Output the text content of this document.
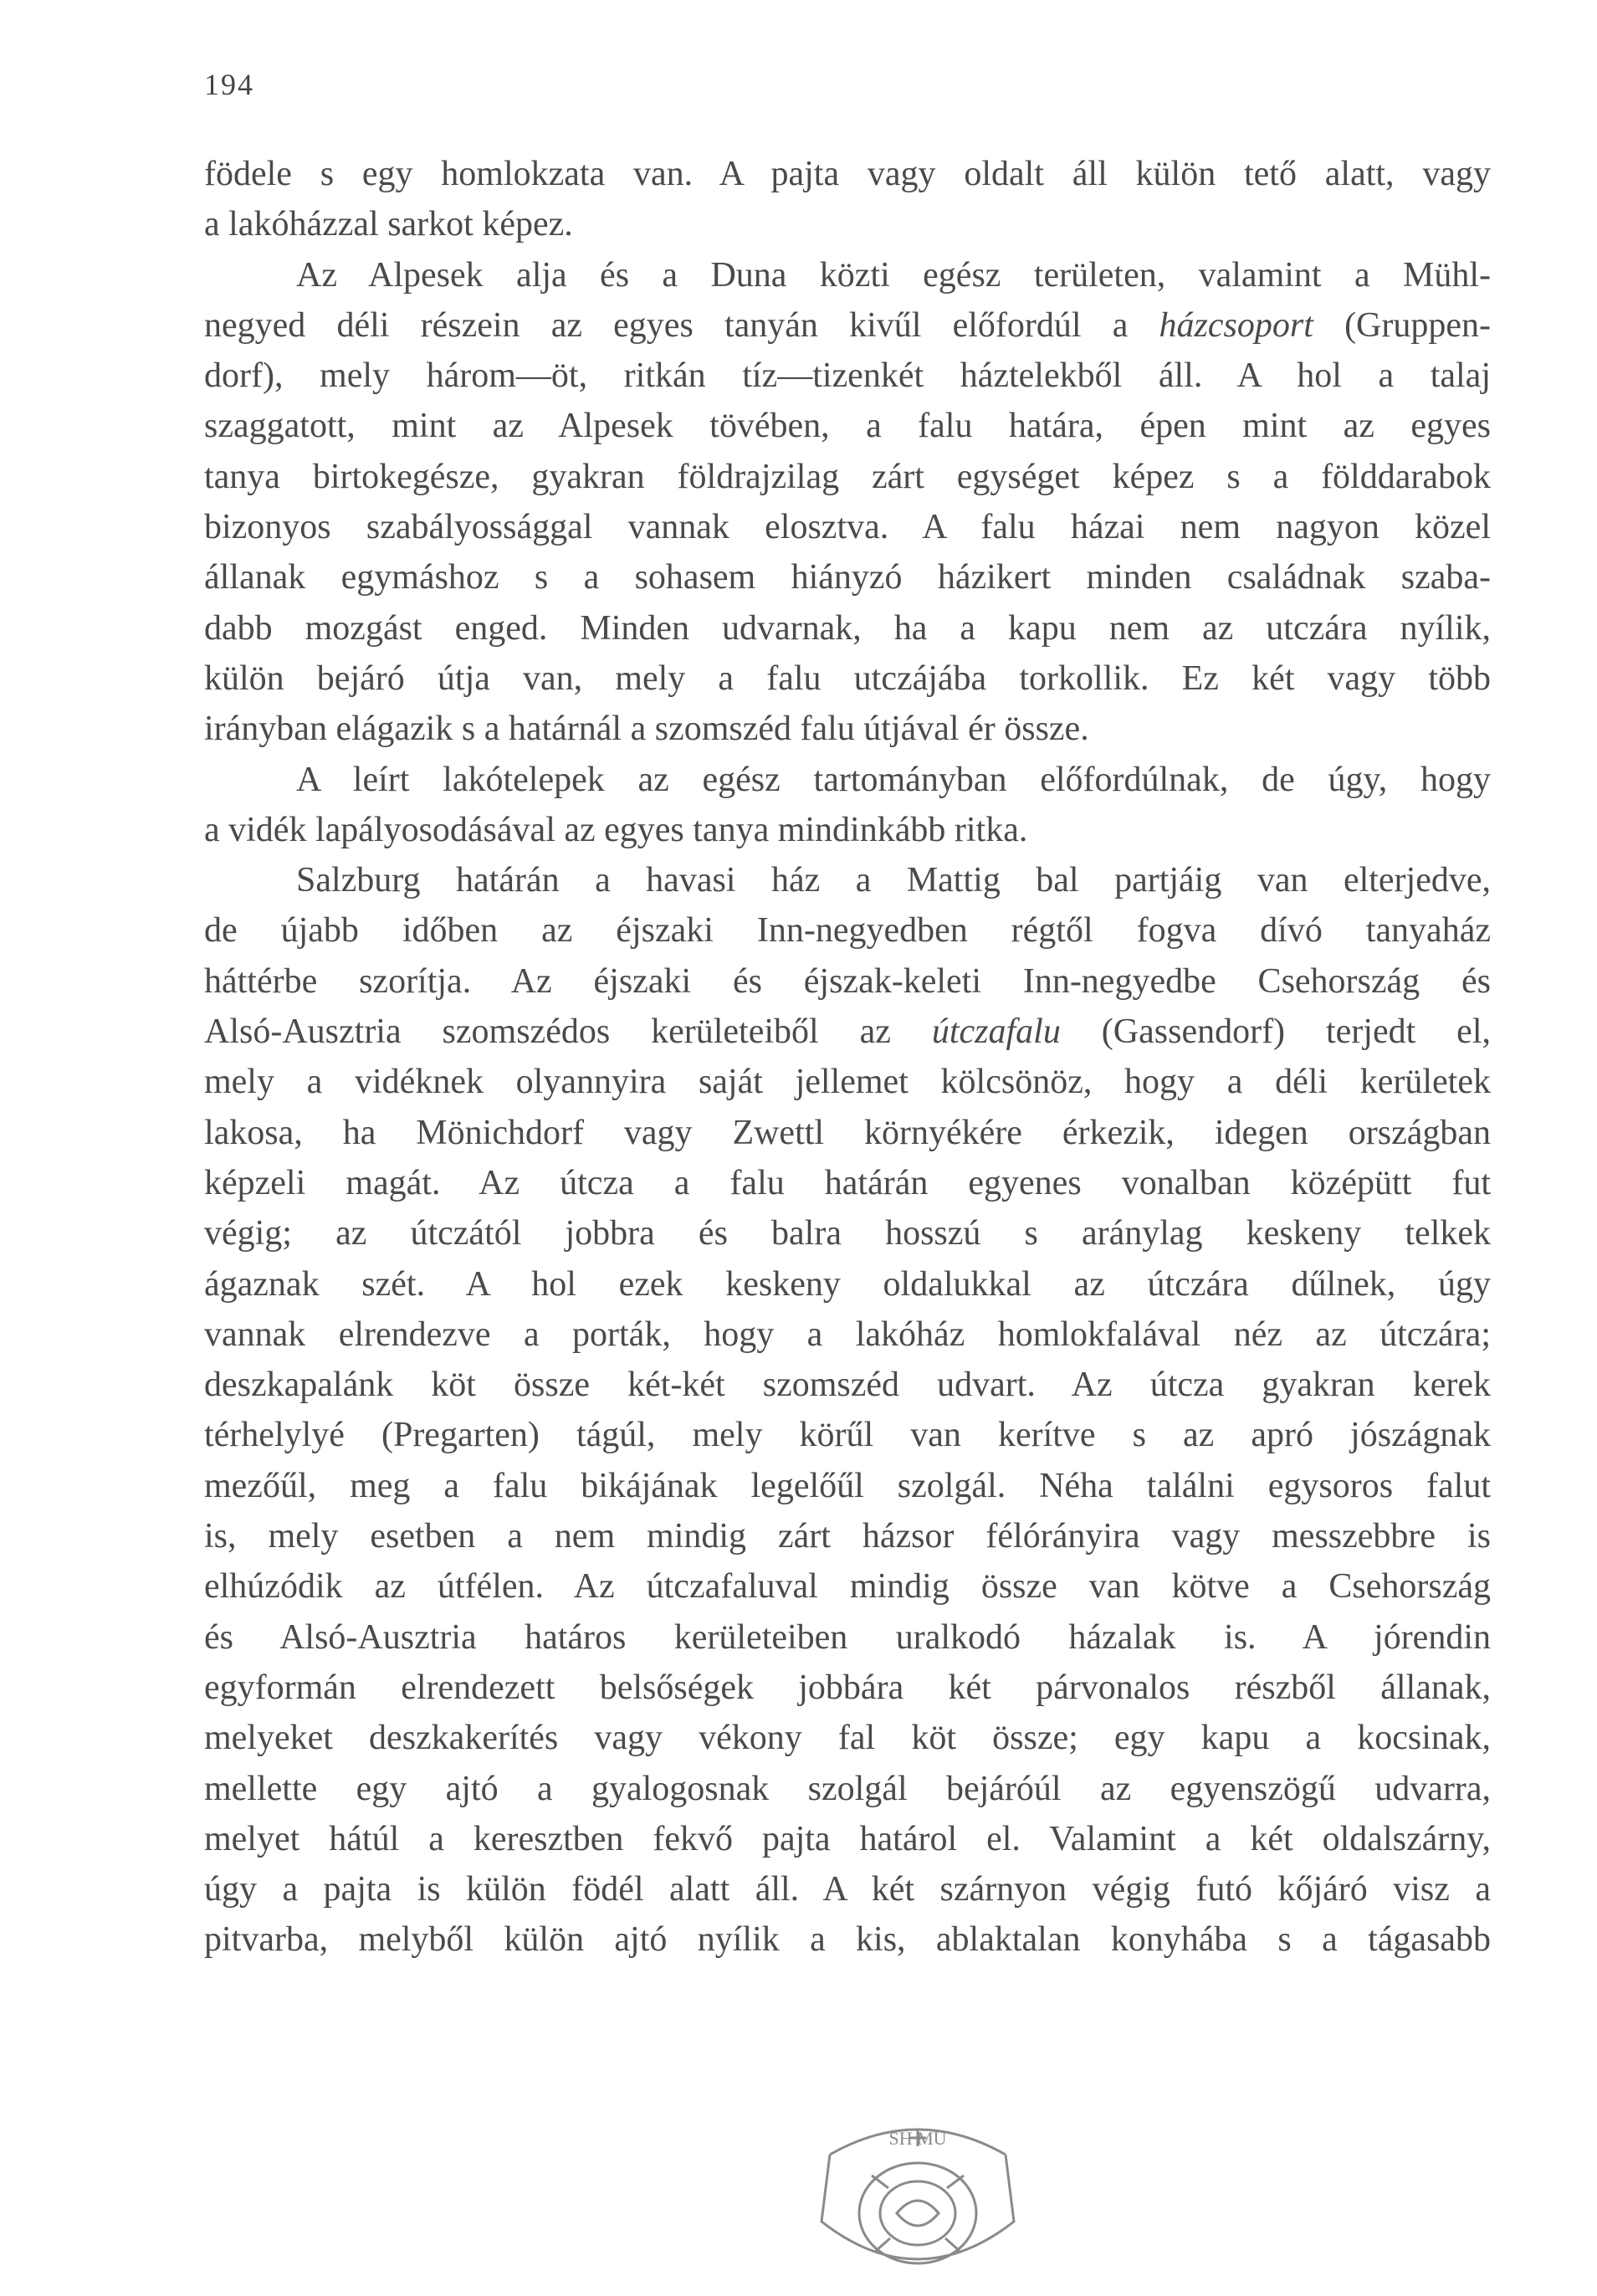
194
födele s egy homlokzata van. A pajta vagy oldalt áll külön tető alatt, vagy
a lakóházzal sarkot képez.
Az Alpesek alja és a Duna közti egész területen, valamint a Mühl-
negyed déli részein az egyes tanyán kivűl előfordúl a házcsoport (Gruppen-
dorf), mely három—öt, ritkán tíz—tizenkét háztelekből áll. A hol a talaj
szaggatott, mint az Alpesek tövében, a falu határa, épen mint az egyes
tanya birtokegésze, gyakran földrajzilag zárt egységet képez s a földdarabok
bizonyos szabályossággal vannak elosztva. A falu házai nem nagyon közel
állanak egymáshoz s a sohasem hiányzó házikert minden családnak szaba-
dabb mozgást enged. Minden udvarnak, ha a kapu nem az utczára nyílik,
külön bejáró útja van, mely a falu utczájába torkollik. Ez két vagy több
irányban elágazik s a határnál a szomszéd falu útjával ér össze.
A leírt lakótelepek az egész tartományban előfordúlnak, de úgy, hogy
a vidék lapályosodásával az egyes tanya mindinkább ritka.
Salzburg határán a havasi ház a Mattig bal partjáig van elterjedve,
de újabb időben az éjszaki Inn-negyedben régtől fogva dívó tanyaház
háttérbe szorítja. Az éjszaki és éjszak-keleti Inn-negyedbe Csehország és
Alsó-Ausztria szomszédos kerületeiből az útczafalu (Gassendorf) terjedt el,
mely a vidéknek olyannyira saját jellemet kölcsönöz, hogy a déli kerületek
lakosa, ha Mönichdorf vagy Zwettl környékére érkezik, idegen országban
képzeli magát. Az útcza a falu határán egyenes vonalban középütt fut
végig; az útczától jobbra és balra hosszú s aránylag keskeny telkek
ágaznak szét. A hol ezek keskeny oldalukkal az útczára dűlnek, úgy
vannak elrendezve a porták, hogy a lakóház homlokfalával néz az útczára;
deszkapalánk köt össze két-két szomszéd udvart. Az útcza gyakran kerek
térhelylyé (Pregarten) tágúl, mely körűl van kerítve s az apró jószágnak
mezőűl, meg a falu bikájának legelőűl szolgál. Néha találni egysoros falut
is, mely esetben a nem mindig zárt házsor félórányira vagy messzebbre is
elhúzódik az útfélen. Az útczafaluval mindig össze van kötve a Csehország
és Alsó-Ausztria határos kerületeiben uralkodó házalak is. A jórendin
egyformán elrendezett belsőségek jobbára két párvonalos részből állanak,
melyeket deszkakerítés vagy vékony fal köt össze; egy kapu a kocsinak,
mellette egy ajtó a gyalogosnak szolgál bejáróúl az egyenszögű udvarra,
melyet hátúl a keresztben fekvő pajta határol el. Valamint a két oldalszárny,
úgy a pajta is külön födél alatt áll. A két szárnyon végig futó kőjáró visz a
pitvarba, melyből külön ajtó nyílik a kis, ablaktalan konyhába s a tágasabb
SH MU
